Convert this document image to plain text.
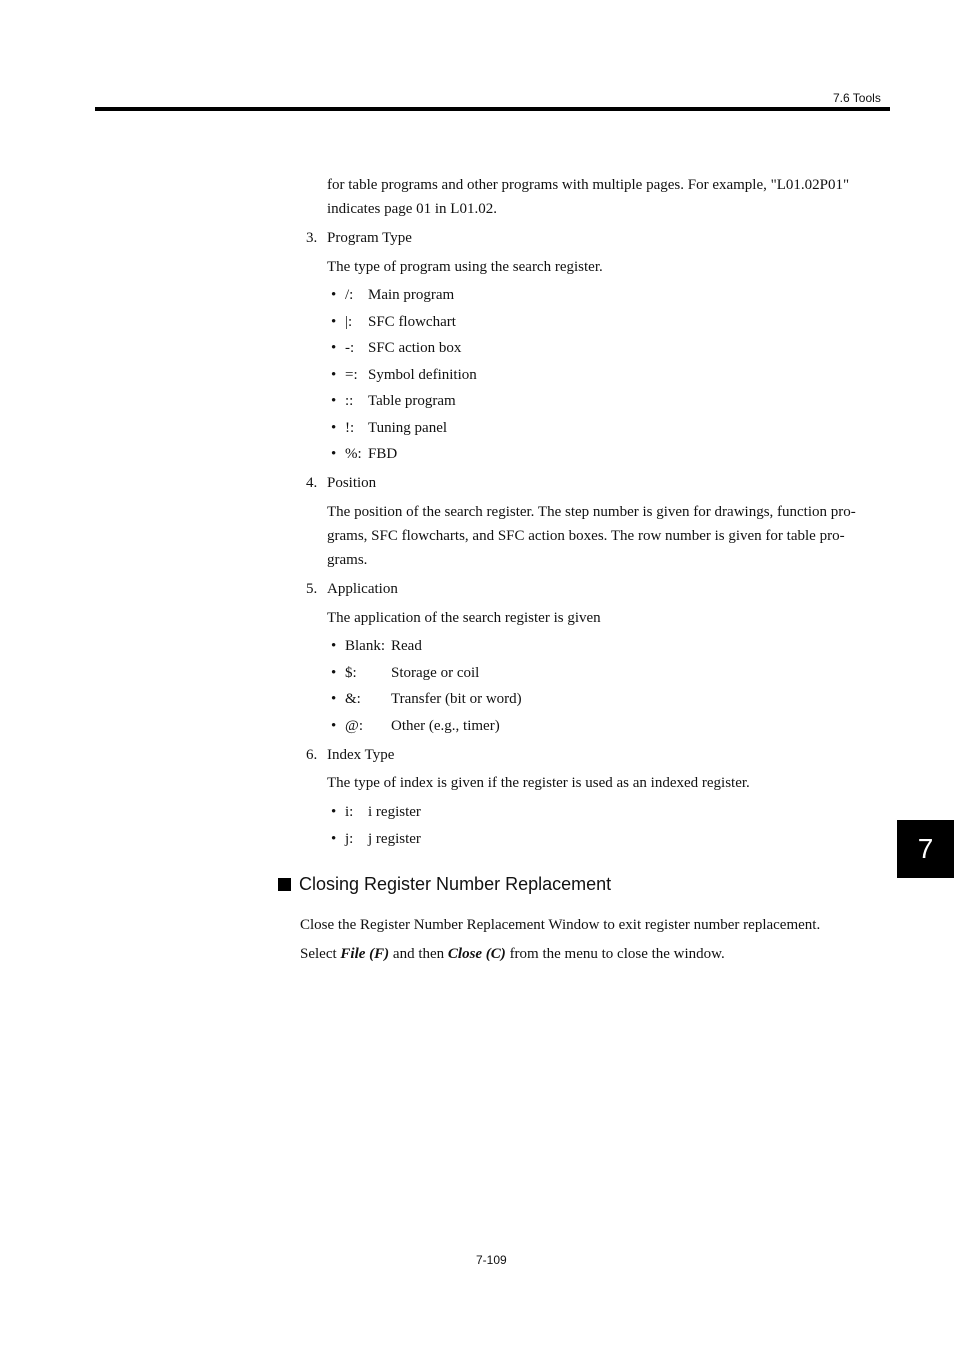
7.6 Tools
for table programs and other programs with multiple pages. For example, "L01.02P01"
indicates page 01 in L01.02.
3. Program Type
The type of program using the search register.
• /: Main program
• |: SFC flowchart
• -: SFC action box
• =: Symbol definition
• :: Table program
• !: Tuning panel
• %: FBD
4. Position
The position of the search register. The step number is given for drawings, function pro-
grams, SFC flowcharts, and SFC action boxes. The row number is given for table pro-
grams.
5. Application
The application of the search register is given
• Blank: Read
• $: Storage or coil
• &: Transfer (bit or word)
• @: Other (e.g., timer)
6. Index Type
The type of index is given if the register is used as an indexed register.
• i: i register
• j: j register	7
Closing Register Number Replacement
Close the Register Number Replacement Window to exit register number replacement.
Select File (F) and then Close (C) from the menu to close the window.
7-109
